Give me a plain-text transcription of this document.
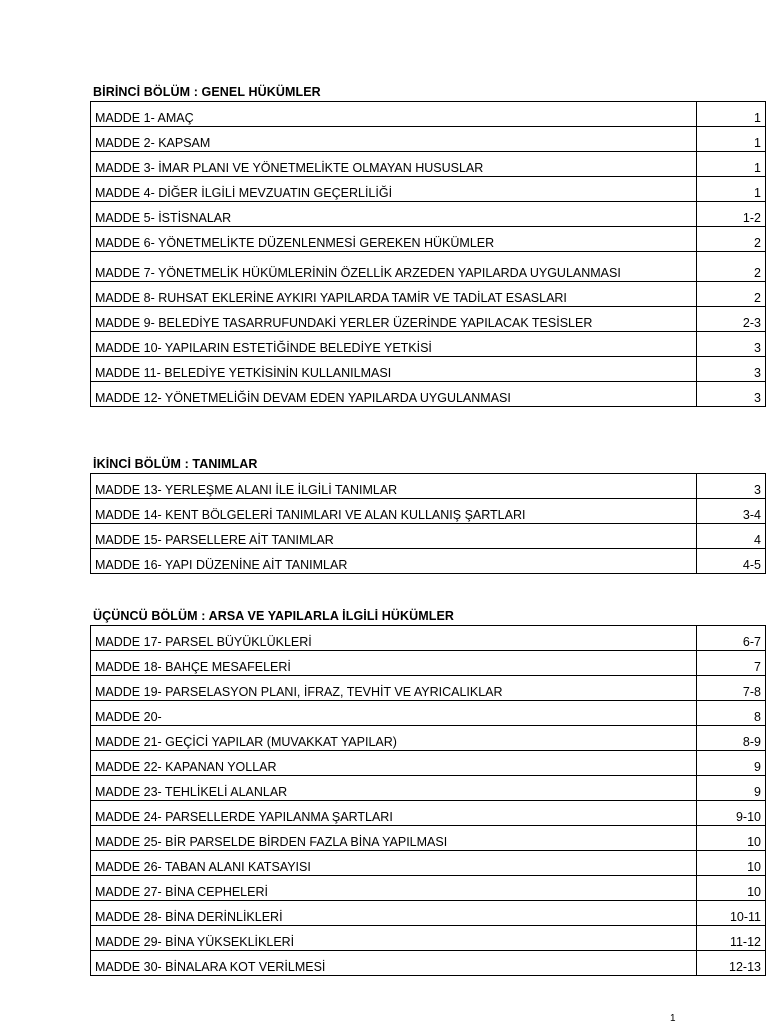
BİRİNCİ BÖLÜM : GENEL HÜKÜMLER
MADDE 1- AMAÇ	1
MADDE 2- KAPSAM	1
MADDE 3- İMAR PLANI VE YÖNETMELİKTE OLMAYAN HUSUSLAR	1
MADDE 4- DİĞER İLGİLİ MEVZUATIN GEÇERLİLİĞİ	1
MADDE 5- İSTİSNALAR	1-2
MADDE 6- YÖNETMELİKTE DÜZENLENMESİ GEREKEN HÜKÜMLER	2
MADDE 7- YÖNETMELİK HÜKÜMLERİNİN ÖZELLİK ARZEDEN YAPILARDA UYGULANMASI	2
MADDE 8- RUHSAT EKLERİNE AYKIRI YAPILARDA TAMİR VE TADİLAT ESASLARI	2
MADDE 9- BELEDİYE TASARRUFUNDAKİ YERLER ÜZERİNDE YAPILACAK TESİSLER	2-3
MADDE 10- YAPILARIN ESTETİĞİNDE BELEDİYE YETKİSİ	3
MADDE 11- BELEDİYE YETKİSİNİN KULLANILMASI	3
MADDE 12- YÖNETMELİĞİN DEVAM EDEN YAPILARDA UYGULANMASI	3
İKİNCİ BÖLÜM : TANIMLAR
MADDE 13- YERLEŞME ALANI İLE İLGİLİ TANIMLAR	3
MADDE 14- KENT BÖLGELERİ TANIMLARI VE ALAN KULLANIŞ ŞARTLARI	3-4
MADDE 15- PARSELLERE AİT TANIMLAR	4
MADDE 16- YAPI DÜZENİNE AİT TANIMLAR	4-5
ÜÇÜNCÜ BÖLÜM : ARSA VE YAPILARLA İLGİLİ HÜKÜMLER
MADDE 17- PARSEL BÜYÜKLÜKLERİ	6-7
MADDE 18- BAHÇE MESAFELERİ	7
MADDE 19- PARSELASYON PLANI, İFRAZ, TEVHİT VE AYRICALIKLAR	7-8
MADDE 20-	8
MADDE 21- GEÇİCİ YAPILAR (MUVAKKAT YAPILAR)	8-9
MADDE 22- KAPANAN YOLLAR	9
MADDE 23- TEHLİKELİ ALANLAR	9
MADDE 24- PARSELLERDE YAPILANMA ŞARTLARI	9-10
MADDE 25- BİR PARSELDE BİRDEN FAZLA BİNA YAPILMASI	10
MADDE 26- TABAN ALANI KATSAYISI	10
MADDE 27- BİNA CEPHELERİ	10
MADDE 28- BİNA DERİNLİKLERİ	10-11
MADDE 29- BİNA YÜKSEKLİKLERİ	11-12
MADDE 30- BİNALARA KOT VERİLMESİ	12-13
1
